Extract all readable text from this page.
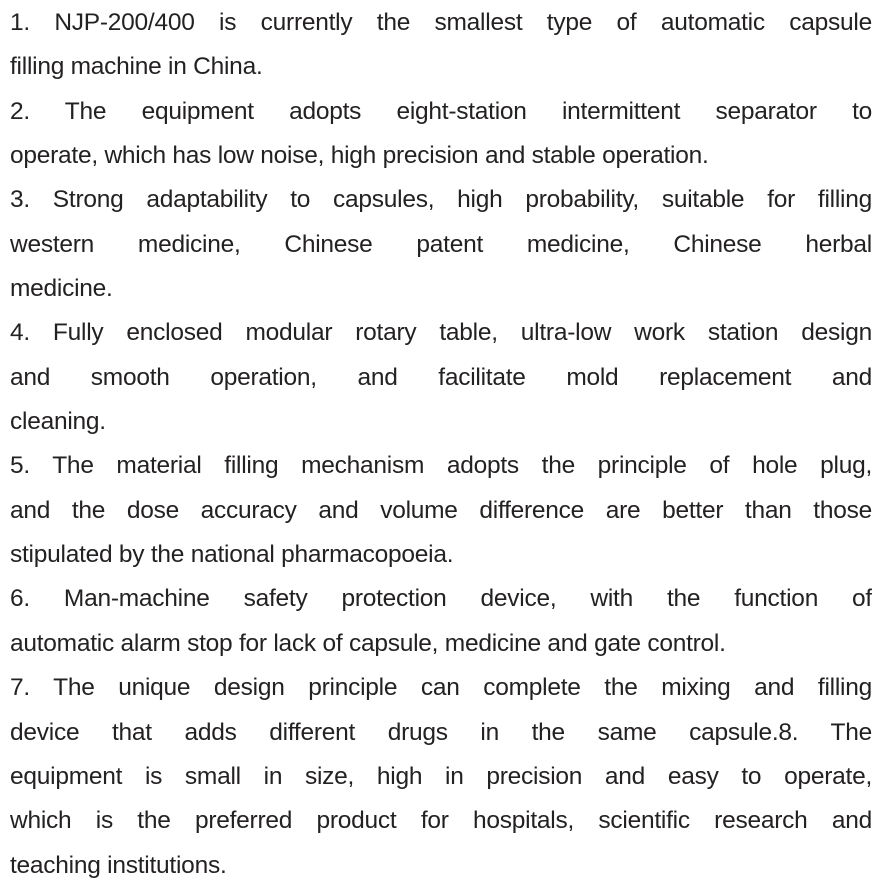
1. NJP-200/400 is currently the smallest type of automatic capsule
filling machine in China.
2. The equipment adopts eight-station intermittent separator to
operate, which has low noise, high precision and stable operation.
3. Strong adaptability to capsules, high probability, suitable for filling
western medicine, Chinese patent medicine, Chinese herbal
medicine.
4. Fully enclosed modular rotary table, ultra-low work station design
and smooth operation, and facilitate mold replacement and
cleaning.
5. The material filling mechanism adopts the principle of hole plug,
and the dose accuracy and volume difference are better than those
stipulated by the national pharmacopoeia.
6. Man-machine safety protection device, with the function of
automatic alarm stop for lack of capsule, medicine and gate control.
7. The unique design principle can complete the mixing and filling
device that adds different drugs in the same capsule.8. The
equipment is small in size, high in precision and easy to operate,
which is the preferred product for hospitals, scientific research and
teaching institutions.
